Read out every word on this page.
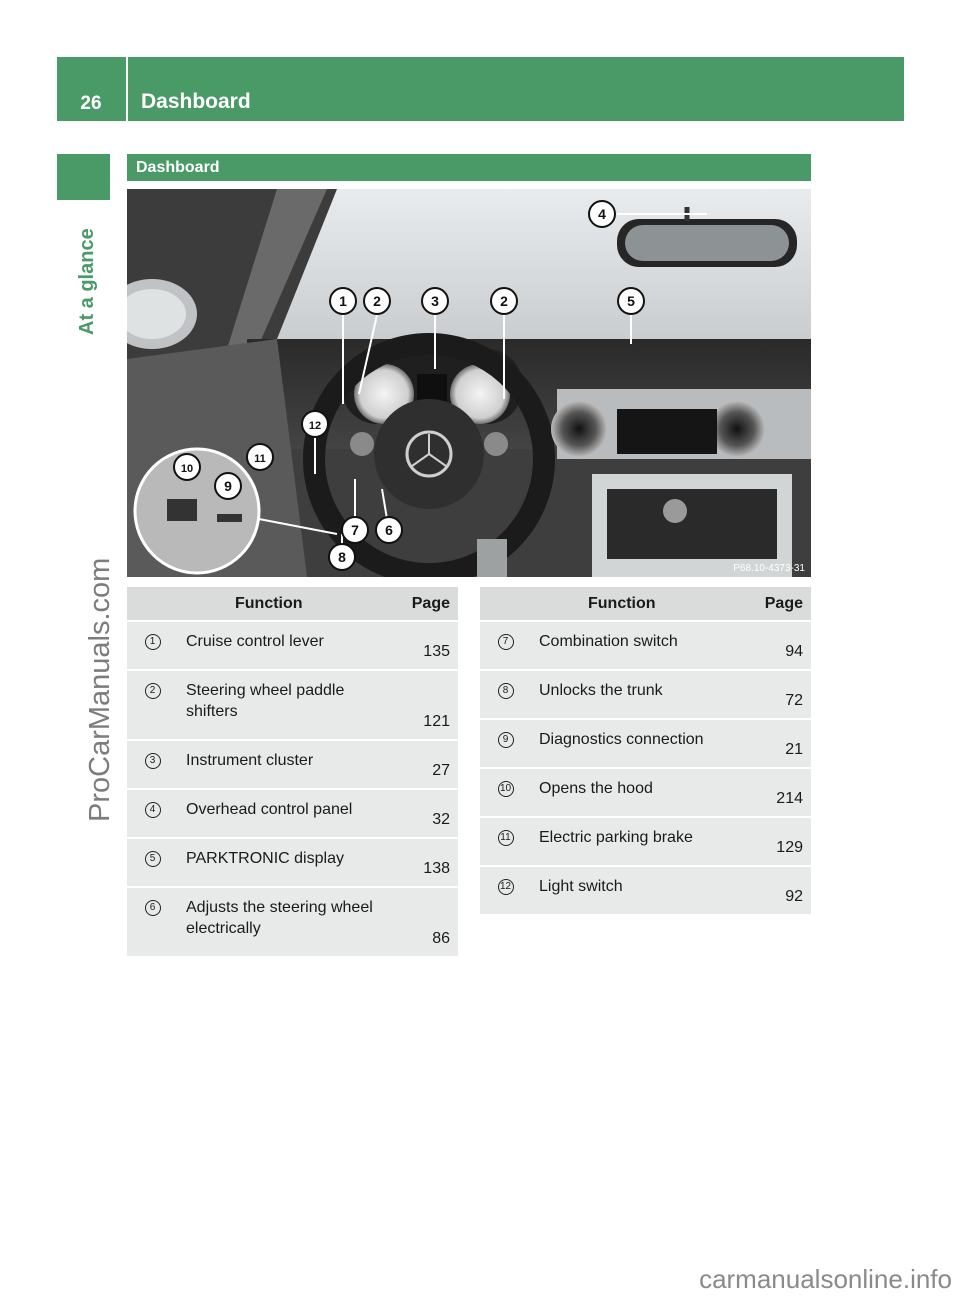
26	Dashboard
At a glance
ProCarManuals.com
carmanualsonline.info
Dashboard
1 2	3	2	5
4
12
11
10
9
7 6
8
P68.10-4373-31
	Function	Page
1	Cruise control lever	135
2	Steering wheel paddle shifters	121
3	Instrument cluster	27
4	Overhead control panel	32
5	PARKTRONIC display	138
6	Adjusts the steering wheel electrically	86
	Function	Page
7	Combination switch	94
8	Unlocks the trunk	72
9	Diagnostics connection	21
10	Opens the hood	214
11	Electric parking brake	129
12	Light switch	92
